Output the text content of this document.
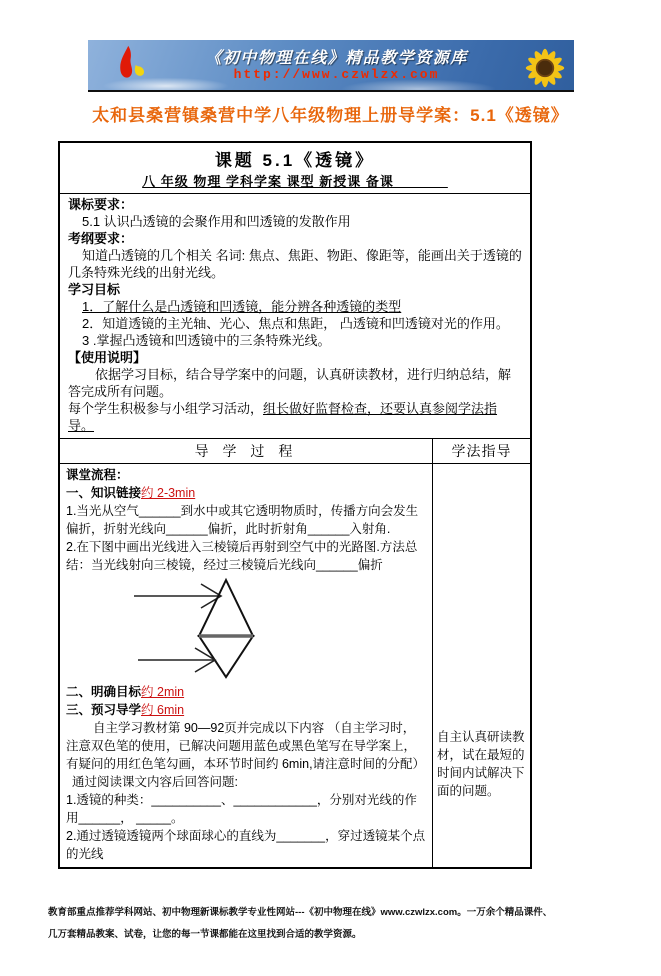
《初中物理在线》精品教学资源库
http://www.czwlzx.com
太和县桑营镇桑营中学八年级物理上册导学案：5.1《透镜》

课题 5.1《透镜》

八 年级 物理 学科学案 课型 新授课 备课 ______

课标要求：

5.1 认识凸透镜的会聚作用和凹透镜的发散作用

考纲要求：

知道凸透镜的几个相关 名词: 焦点、焦距、物距、像距等，能画出关于透镜的几条特殊光线的出射光线。

学习目标

1．了解什么是凸透镜和凹透镜，能分辨各种透镜的类型

2．知道透镜的主光轴、光心、焦点和焦距， 凸透镜和凹透镜对光的作用。

3 .掌握凸透镜和凹透镜中的三条特殊光线。

【使用说明】

依据学习目标，结合导学案中的问题，认真研读教材，进行归纳总结，解答完成所有问题。

每个学生积极参与小组学习活动，组长做好监督检查，还要认真参阅学法指导。

导 学 过 程	学法指导

课堂流程：

一、知识链接约 2-3min

1.当光从空气______到水中或其它透明物质时，传播方向会发生偏折，折射光线向______偏折，此时折射角______入射角.

2.在下图中画出光线进入三棱镜后再射到空气中的光路图.方法总结：当光线射向三棱镜，经过三棱镜后光线向______偏折

二、明确目标约 2min

三、预习导学约 6min

自主学习教材第 90—92页并完成以下内容 （自主学习时，注意双色笔的使用，已解决问题用蓝色或黑色笔写在导学案上，有疑问的用红色笔勾画，本环节时间约 6min,请注意时间的分配）

通过阅读课文内容后回答问题:

1.透镜的种类：__________、____________，分别对光线的作用______， _____。

2.通过透镜透镜两个球面球心的直线为_______，穿过透镜某个点的光线

自主认真研读教材，试在最短的时间内试解决下面的问题。

教育部重点推荐学科网站、初中物理新课标教学专业性网站---《初中物理在线》www.czwlzx.com。一万余个精品课件、

几万套精品教案、试卷，让您的每一节课都能在这里找到合适的教学资源。
